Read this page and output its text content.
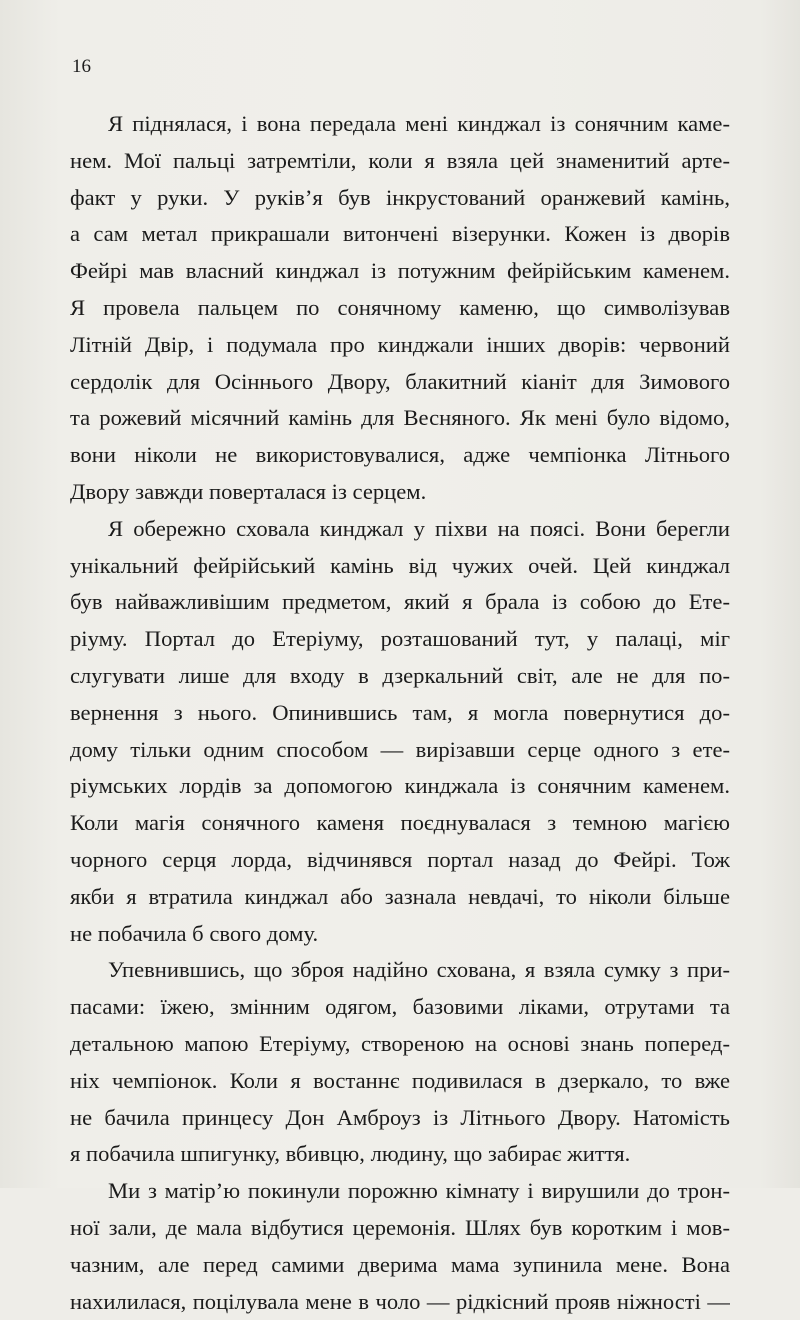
16
Я піднялася, і вона передала мені кинджал із сонячним каме-
нем. Мої пальці затремтіли, коли я взяла цей знаменитий арте-
факт у руки. У руків’я був інкрустований оранжевий камінь,
а сам метал прикрашали витончені візерунки. Кожен із дворів
Фейрі мав власний кинджал із потужним фейрійським каменем.
Я провела пальцем по сонячному каменю, що символізував
Літній Двір, і подумала про кинджали інших дворів: червоний
сердолік для Осіннього Двору, блакитний кіаніт для Зимового
та рожевий місячний камінь для Весняного. Як мені було відомо,
вони ніколи не використовувалися, адже чемпіонка Літнього
Двору завжди поверталася із серцем.
Я обережно сховала кинджал у піхви на поясі. Вони берегли
унікальний фейрійський камінь від чужих очей. Цей кинджал
був найважливішим предметом, який я брала із собою до Ете-
ріуму. Портал до Етеріуму, розташований тут, у палаці, міг
слугувати лише для входу в дзеркальний світ, але не для по-
вернення з нього. Опинившись там, я могла повернутися до-
дому тільки одним способом — вирізавши серце одного з ете-
ріумських лордів за допомогою кинджала із сонячним каменем.
Коли магія сонячного каменя поєднувалася з темною магією
чорного серця лорда, відчинявся портал назад до Фейрі. Тож
якби я втратила кинджал або зазнала невдачі, то ніколи більше
не побачила б свого дому.
Упевнившись, що зброя надійно схована, я взяла сумку з при-
пасами: їжею, змінним одягом, базовими ліками, отрутами та
детальною мапою Етеріуму, створеною на основі знань поперед-
ніх чемпіонок. Коли я востаннє подивилася в дзеркало, то вже
не бачила принцесу Дон Амброуз із Літнього Двору. Натомість
я побачила шпигунку, вбивцю, людину, що забирає життя.
Ми з матір’ю покинули порожню кімнату і вирушили до трон-
ної зали, де мала відбутися церемонія. Шлях був коротким і мов-
чазним, але перед самими дверима мама зупинила мене. Вона
нахилилася, поцілувала мене в чоло — рідкісний прояв ніжності —
